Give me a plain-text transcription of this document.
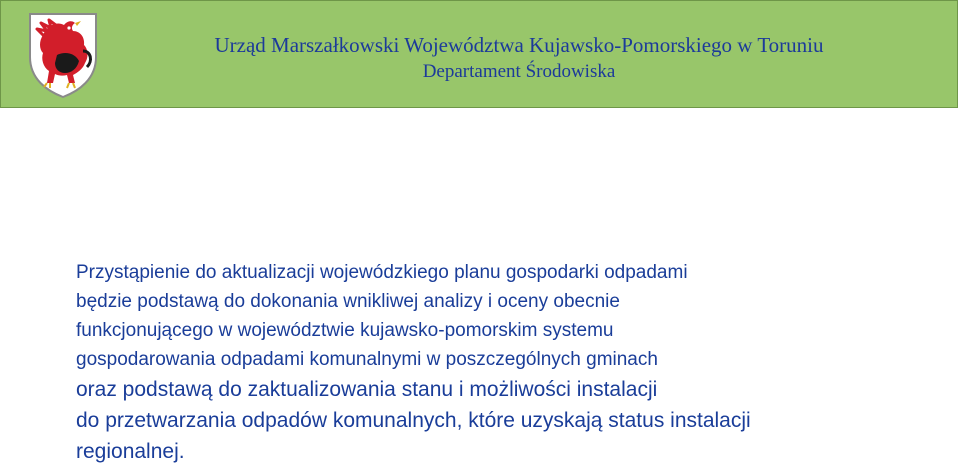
Urząd Marszałkowski Województwa Kujawsko-Pomorskiego w Toruniu
Departament Środowiska
Przystąpienie do aktualizacji wojewódzkiego planu gospodarki odpadami
będzie podstawą do dokonania wnikliwej analizy i oceny obecnie
funkcjonującego w województwie kujawsko-pomorskim systemu
gospodarowania odpadami komunalnymi w poszczególnych gminach
oraz podstawą do zaktualizowania stanu i możliwości instalacji
do przetwarzania odpadów komunalnych, które uzyskają status instalacji
regionalnej.
